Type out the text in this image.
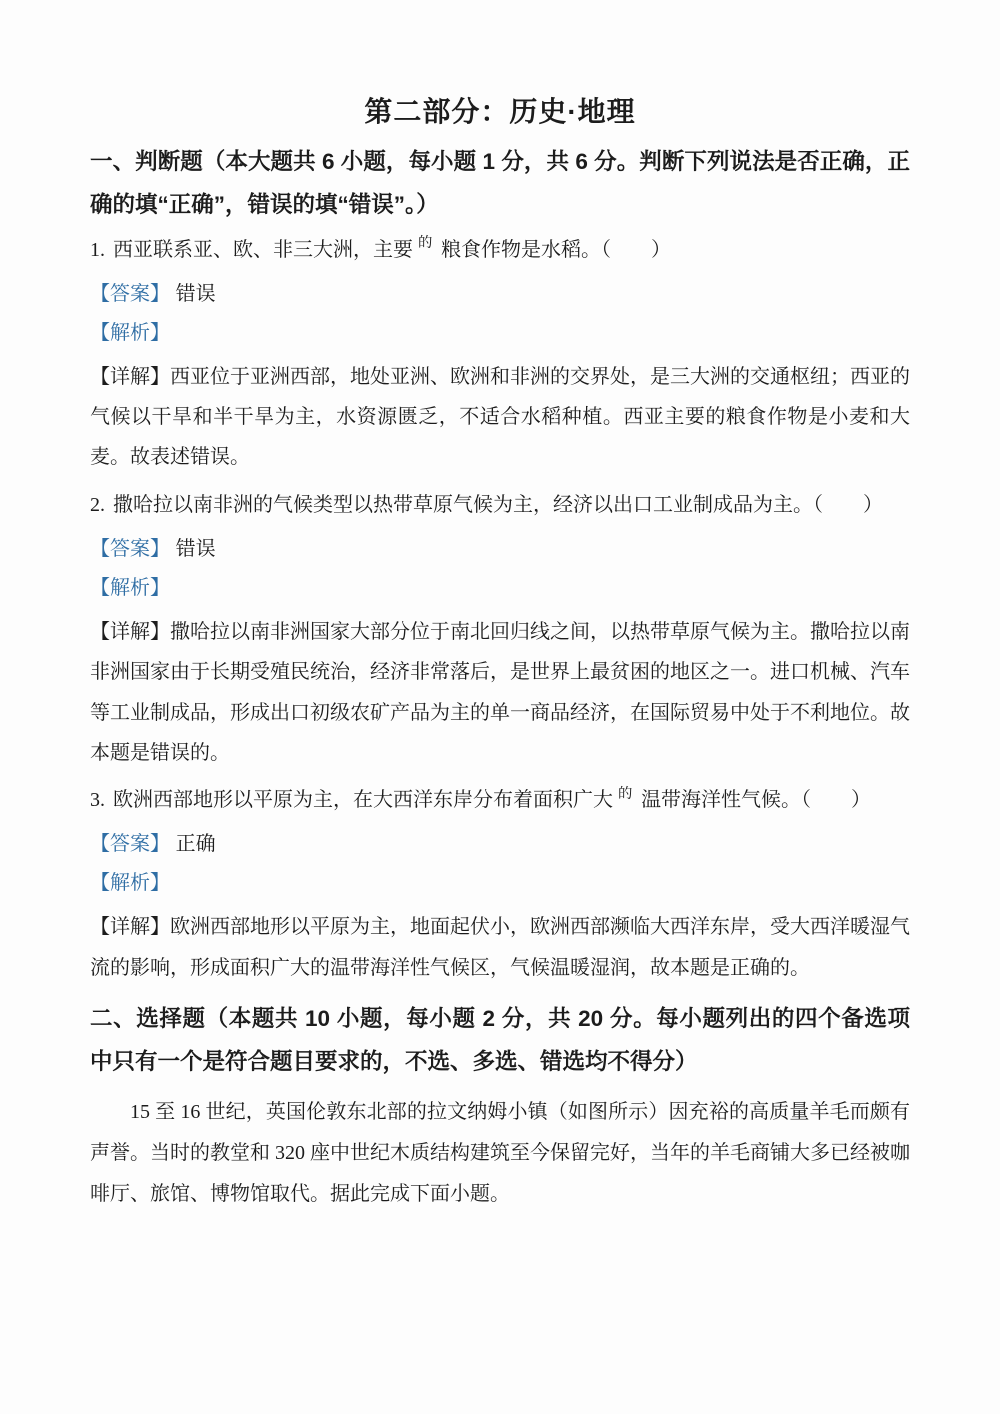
第二部分：历史·地理

一、判断题（本大题共 6 小题，每小题 1 分，共 6 分。判断下列说法是否正确，正确的填“正确”，错误的填“错误”。）

1. 西亚联系亚、欧、非三大洲，主要 的 粮食作物是水稻。（　　）

【答案】 错误

【解析】

【详解】西亚位于亚洲西部，地处亚洲、欧洲和非洲的交界处，是三大洲的交通枢纽；西亚的气候以干旱和半干旱为主，水资源匮乏，不适合水稻种植。西亚主要的粮食作物是小麦和大麦。故表述错误。

2. 撒哈拉以南非洲的气候类型以热带草原气候为主，经济以出口工业制成品为主。（　　）

【答案】 错误

【解析】

【详解】撒哈拉以南非洲国家大部分位于南北回归线之间，以热带草原气候为主。撒哈拉以南非洲国家由于长期受殖民统治，经济非常落后，是世界上最贫困的地区之一。进口机械、汽车等工业制成品，形成出口初级农矿产品为主的单一商品经济，在国际贸易中处于不利地位。故本题是错误的。

3. 欧洲西部地形以平原为主，在大西洋东岸分布着面积广大 的 温带海洋性气候。（　　）

【答案】 正确

【解析】

【详解】欧洲西部地形以平原为主，地面起伏小，欧洲西部濒临大西洋东岸，受大西洋暖湿气流的影响，形成面积广大的温带海洋性气候区，气候温暖湿润，故本题是正确的。

二、选择题（本题共 10 小题，每小题 2 分，共 20 分。每小题列出的四个备选项中只有一个是符合题目要求的，不选、多选、错选均不得分）

15 至 16 世纪，英国伦敦东北部的拉文纳姆小镇（如图所示）因充裕的高质量羊毛而颇有声誉。当时的教堂和 320 座中世纪木质结构建筑至今保留完好，当年的羊毛商铺大多已经被咖啡厅、旅馆、博物馆取代。据此完成下面小题。
